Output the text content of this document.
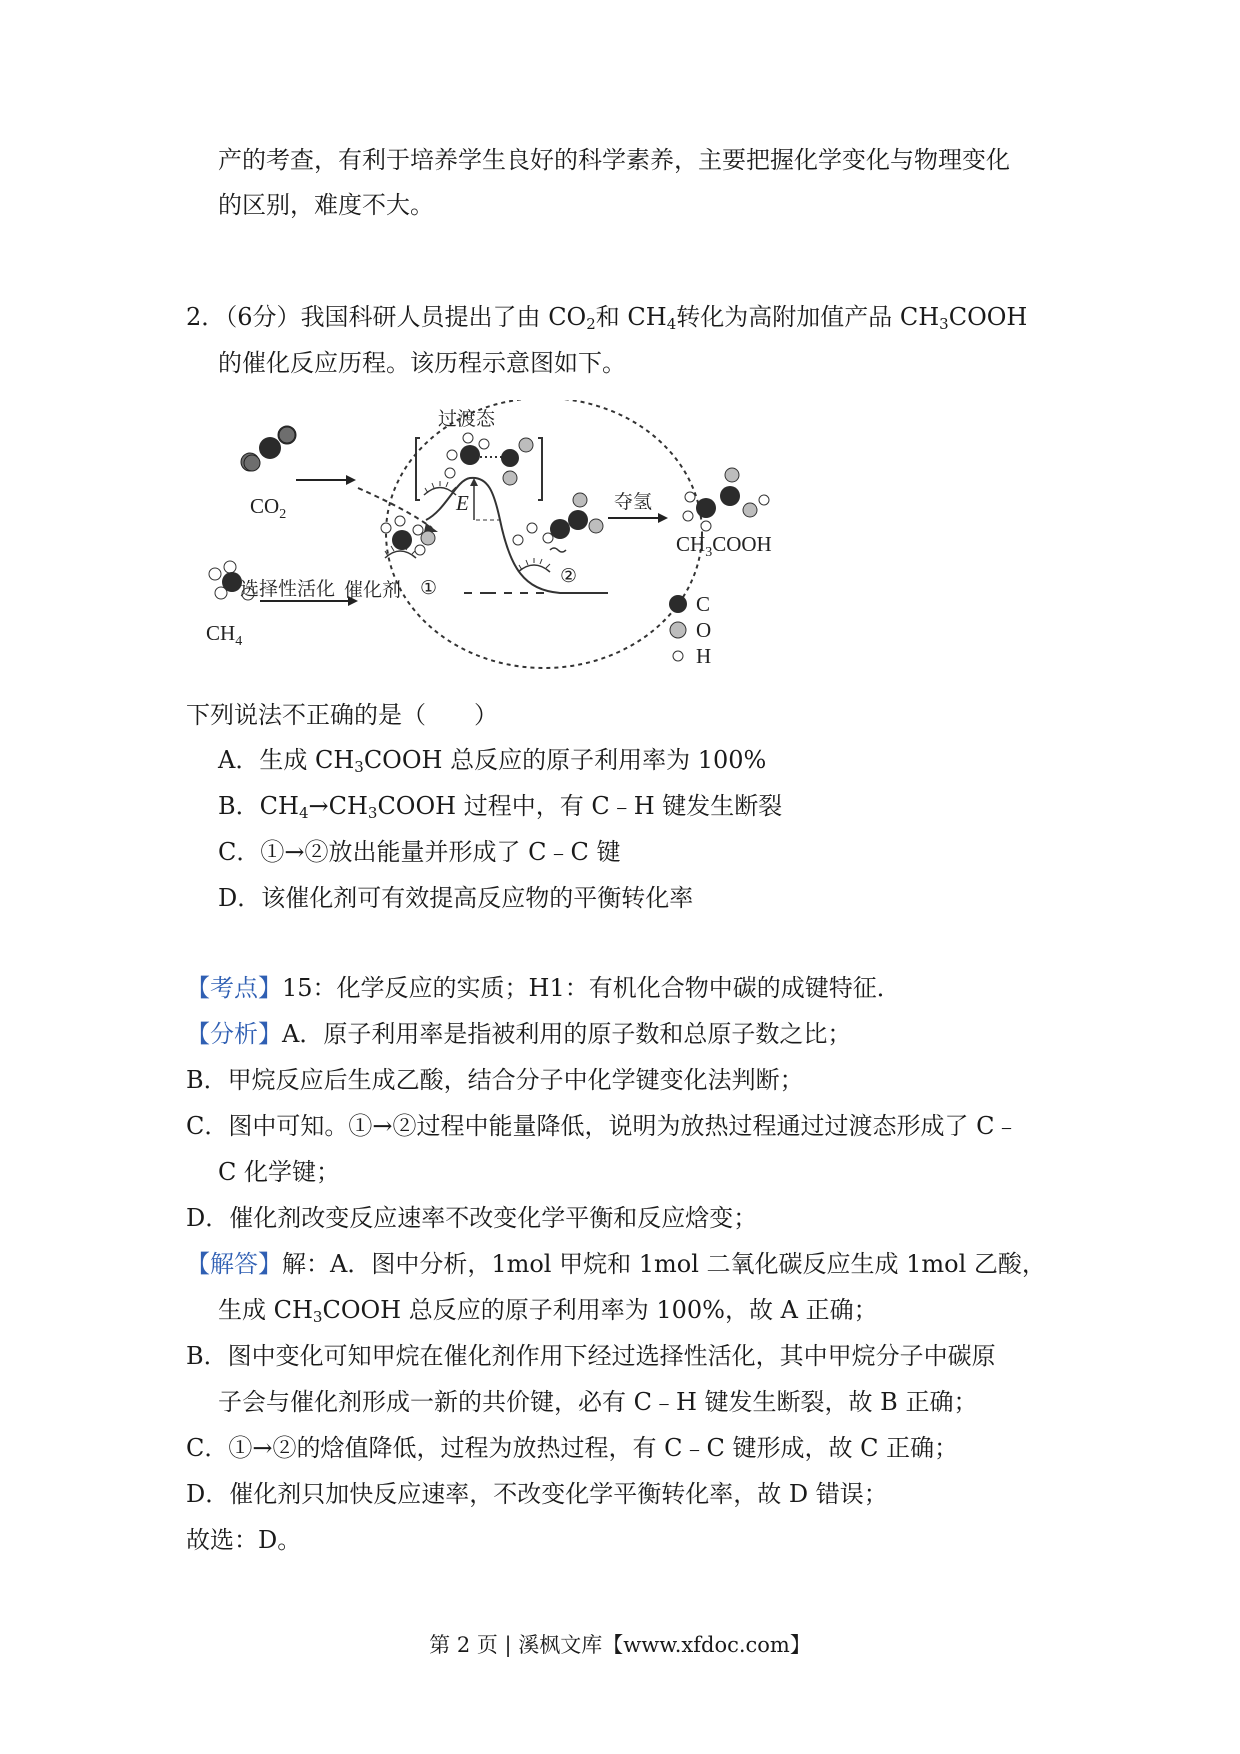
产的考查，有利于培养学生良好的科学素养，主要把握化学变化与物理变化
的区别，难度不大。
2．（6分）我国科研人员提出了由 $CO_2$和 $CH_4$转化为高附加值产品 $CH_3COOH$
的催化反应历程。该历程示意图如下。
$CO_2$
$CH_4$
选择性活化 催化剂 ①
E
过渡态
②
夺氢
$CH_3COOH$
C
O
H
下列说法不正确的是（　　）
A．生成 $CH_3COOH$ 总反应的原子利用率为 100%
B．$CH_4\to CH_3COOH$ 过程中，有 C﹣H 键发生断裂
C．①→②放出能量并形成了 C﹣C 键
D．该催化剂可有效提高反应物的平衡转化率
【考点】15：化学反应的实质；H1：有机化合物中碳的成键特征．
【分析】A．原子利用率是指被利用的原子数和总原子数之比；
B．甲烷反应后生成乙酸，结合分子中化学键变化法判断；
C．图中可知。①→②过程中能量降低，说明为放热过程通过过渡态形成了 C﹣
C 化学键；
D．催化剂改变反应速率不改变化学平衡和反应焓变；
【解答】解：A．图中分析，1mol 甲烷和 1mol 二氧化碳反应生成 1mol 乙酸，
生成 $CH_3COOH$ 总反应的原子利用率为 100%，故 A 正确；
B．图中变化可知甲烷在催化剂作用下经过选择性活化，其中甲烷分子中碳原
子会与催化剂形成一新的共价键，必有 C﹣H 键发生断裂，故 B 正确；
C．①→②的焓值降低，过程为放热过程，有 C﹣C 键形成，故 C 正确；
D．催化剂只加快反应速率，不改变化学平衡转化率，故 D 错误；
故选：D。
第 2 页 | 溪枫文库【www.xfdoc.com】
